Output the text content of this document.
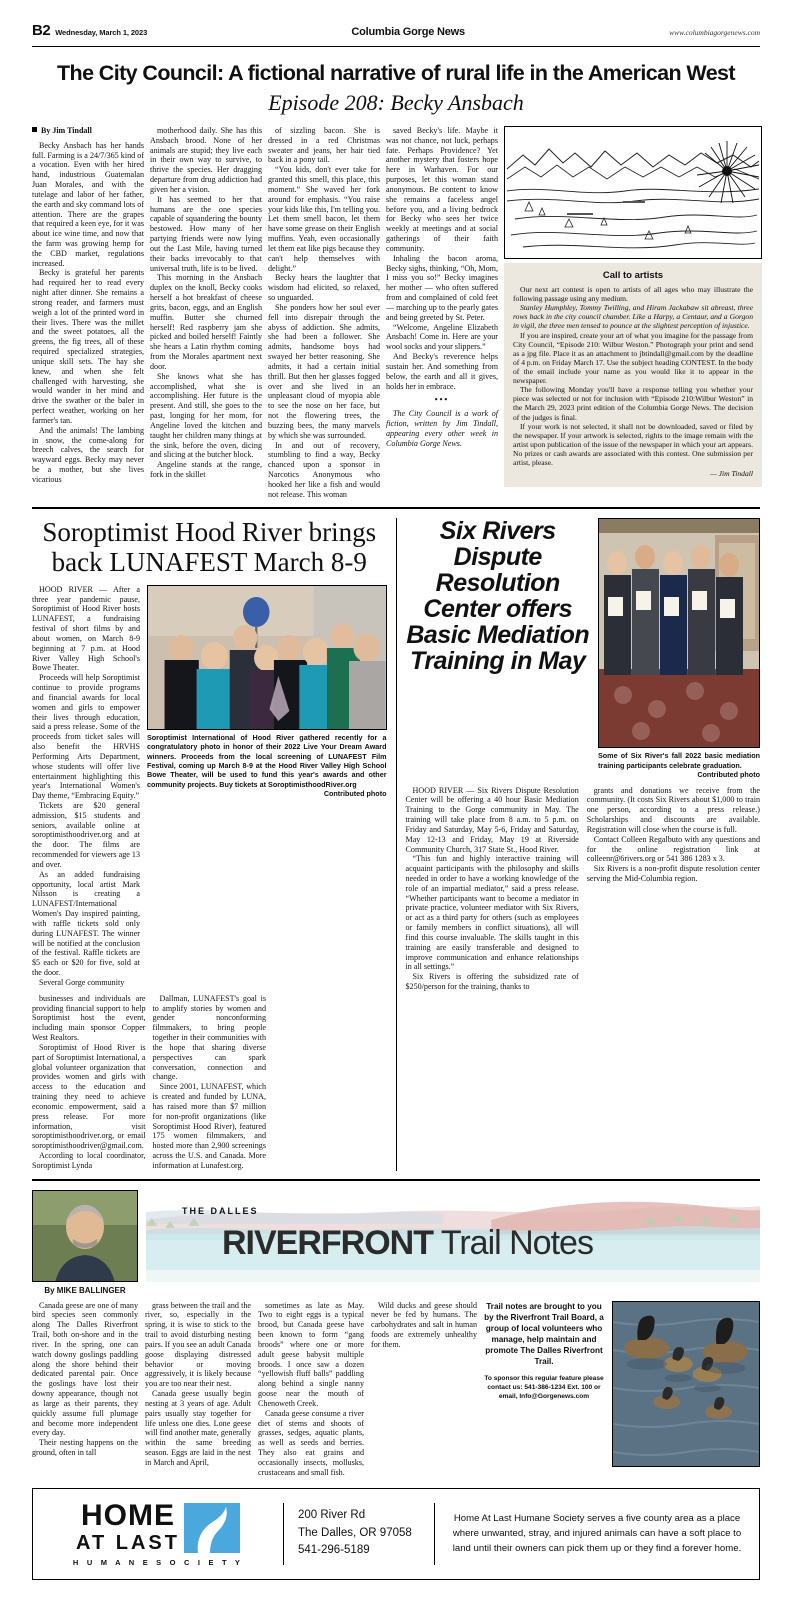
B2 Wednesday, March 1, 2023	Columbia Gorge News	www.columbiagorgenews.com
The City Council: A fictional narrative of rural life in the American West
Episode 208: Becky Ansbach
By Jim Tindall

Becky Ansbach has her hands full. Farming is a 24/7/365 kind of a vocation. Even with her hired hand, industrious Guatemalan Juan Morales, and with the tutelage and labor of her father, the earth and sky command lots of attention. There are the grapes that required a keen eye, for it was about ice wine time, and now that the farm was growing hemp for the CBD market, regulations increased.

Becky is grateful her parents had required her to read every night after dinner. She remains a strong reader, and farmers must weigh a lot of the printed word in their lives. There was the millet and the sweet potatoes, all the greens, the fig trees, all of these required specialized strategies, unique skill sets. The hay she knew, and when she felt challenged with harvesting, she would wander in her mind and drive the swather or the baler in perfect weather, working on her farmer's tan.

And the animals! The lambing in snow, the come-along for breech calves, the search for wayward eggs. Becky may never be a mother, but she lives vicarious

motherhood daily. She has this Ansbach brood. None of her animals are stupid; they live each in their own way to survive, to thrive the species. Her dragging departure from drug addiction had given her a vision.

It has seemed to her that humans are the one species capable of squandering the bounty bestowed. How many of her partying friends were now lying out the Last Mile, having turned their backs irrevocably to that universal truth, life is to be lived.

This morning in the Ansbach duplex on the knoll, Becky cooks herself a hot breakfast of cheese grits, bacon, eggs, and an English muffin. Butter she churned herself! Red raspberry jam she picked and boiled herself! Faintly she hears a Latin rhythm coming from the Morales apartment next door.

She knows what she has accomplished, what she is accomplishing. Her future is the present. And still, she goes to the past, longing for her mom, for Angeline loved the kitchen and taught her children many things at the sink, before the oven, dicing and slicing at the butcher block.

Angeline stands at the range, fork in the skillet

of sizzling bacon. She is dressed in a red Christmas sweater and jeans, her hair tied back in a pony tail.

“You kids, don't ever take for granted this smell, this place, this moment.” She waved her fork around for emphasis. “You raise your kids like this, I'm telling you. Let them smell bacon, let them have some grease on their English muffins. Yeah, even occasionally let them eat like pigs because they can't help themselves with delight.”

Becky hears the laughter that wisdom had elicited, so relaxed, so unguarded.

She ponders how her soul ever fell into disrepair through the abyss of addiction. She admits, she had been a follower. She admits, handsome boys had swayed her better reasoning. She admits, it had a certain initial thrill. But then her glasses fogged over and she lived in an unpleasant cloud of myopia able to see the nose on her face, but not the flowering trees, the buzzing bees, the many marvels by which she was surrounded.

In and out of recovery, stumbling to find a way, Becky chanced upon a sponsor in Narcotics Anonymous who hooked her like a fish and would not release. This woman

saved Becky's life. Maybe it was not chance, not luck, perhaps fate. Perhaps Providence? Yet another mystery that fosters hope here in Warhaven. For our purposes, let this woman stand anonymous. Be content to know she remains a faceless angel before you, and a living bedrock for Becky who sees her twice weekly at meetings and at social gatherings of their faith community.

Inhaling the bacon aroma, Becky sighs, thinking, “Oh, Mom, I miss you so!” Becky imagines her mother — who often suffered from and complained of cold feet — marching up to the pearly gates and being greeted by St. Peter.

“Welcome, Angeline Elizabeth Ansbach! Come in. Here are your wool socks and your slippers.”

And Becky's reverence helps sustain her. And something from below, the earth and all it gives, holds her in embrace.

•••

The City Council is a work of fiction, written by Jim Tindall, appearing every other week in Columbia Gorge News.

Call to artists

Our next art contest is open to artists of all ages who may illustrate the following passage using any medium.

Stanley Humphley, Tommy Twilling, and Hiram Jackabaw sit abreast, three rows back in the city council chamber. Like a Harpy, a Centaur, and a Gorgon in vigil, the three men tensed to pounce at the slightest perception of injustice.

If you are inspired, create your art of what you imagine for the passage from City Council, “Episode 210: Wilbur Weston.” Photograph your print and send as a jpg file. Place it as an attachment to jbtindall@gmail.com by the deadline of 4 p.m. on Friday March 17. Use the subject heading CONTEST. In the body of the email include your name as you would like it to appear in the newspaper.

The following Monday you'll have a response telling you whether your piece was selected or not for inclusion with “Episode 210:Wilbur Weston” in the March 29, 2023 print edition of the Columbia Gorge News. The decision of the judges is final.

If your work is not selected, it shall not be downloaded, saved or filed by the newspaper. If your artwork is selected, rights to the image remain with the artist upon publication of the issue of the newspaper in which your art appears. No prizes or cash awards are associated with this contest. One submission per artist, please.

— Jim Tindall

Soroptimist Hood River brings back LUNAFEST March 8-9

HOOD RIVER — After a three year pandemic pause, Soroptimist of Hood River hosts LUNAFEST, a fundraising festival of short films by and about women, on March 8-9 beginning at 7 p.m. at Hood River Valley High School's Bowe Theater.

Proceeds will help Soroptimist continue to provide programs and financial awards for local women and girls to empower their lives through education, said a press release. Some of the proceeds from ticket sales will also benefit the HRVHS Performing Arts Department, whose students will offer live entertainment highlighting this year's International Women's Day theme, “Embracing Equity.”

Tickets are $20 general admission, $15 students and seniors, available online at soroptimisthoodriver.org and at the door. The films are recommended for viewers age 13 and over.

As an added fundraising opportunity, local artist Mark Nilsson is creating a LUNAFEST/International Women's Day inspired painting, with raffle tickets sold only during LUNAFEST. The winner will be notified at the conclusion of the festival. Raffle tickets are $5 each or $20 for five, sold at the door.

Several Gorge community

Soroptimist International of Hood River gathered recently for a congratulatory photo in honor of their 2022 Live Your Dream Award winners. Proceeds from the local screening of LUNAFEST Film Festival, coming up March 8-9 at the Hood River Valley High School Bowe Theater, will be used to fund this year's awards and other community projects. Buy tickets at SoroptimisthoodRiver.org
Contributed photo

businesses and individuals are providing financial support to help Soroptimist host the event, including main sponsor Copper West Realtors.

Soroptimist of Hood River is part of Soroptimist International, a global volunteer organization that provides women and girls with access to the education and training they need to achieve economic empowerment, said a press release. For more information, visit soroptimisthoodriver.org, or email soroptimisthoodriver@gmail.com.

According to local coordinator, Soroptimist Lynda

Dallman, LUNAFEST's goal is to amplify stories by women and gender nonconforming filmmakers, to bring people together in their communities with the hope that sharing diverse perspectives can spark conversation, connection and change.

Since 2001, LUNAFEST, which is created and funded by LUNA, has raised more than $7 million for non-profit organizations (like Soroptimist Hood River), featured 175 women filmmakers, and hosted more than 2,900 screenings across the U.S. and Canada. More information at Lunafest.org.

Six Rivers Dispute Resolution Center offers Basic Mediation Training in May
Some of Six River's fall 2022 basic mediation training participants celebrate graduation.
Contributed photo

HOOD RIVER — Six Rivers Dispute Resolution Center will be offering a 40 hour Basic Mediation Training to the Gorge community in May. The training will take place from 8 a.m. to 5 p.m. on Friday and Saturday, May 5-6, Friday and Saturday, May 12-13 and Friday, May 19 at Riverside Community Church, 317 State St., Hood River.

“This fun and highly interactive training will acquaint participants with the philosophy and skills needed in order to have a working knowledge of the role of an impartial mediator,” said a press release. “Whether participants want to become a mediator in private practice, volunteer mediator with Six Rivers, or act as a third party for others (such as employees or family members in conflict situations), all will find this course invaluable. The skills taught in this training are easily transferable and designed to improve communication and enhance relationships in all settings.”

Six Rivers is offering the subsidized rate of $250/person for the training, thanks to

grants and donations we receive from the community. (It costs Six Rivers about $1,000 to train one person, according to a press release.) Scholarships and discounts are available. Registration will close when the course is full.

Contact Colleen Regalbuto with any questions and for the online registration link at colleenr@6rivers.org or 541 386 1283 x 3.

Six Rivers is a non-profit dispute resolution center serving the Mid-Columbia region.

By MIKE BALLINGER
THE DALLES
RIVERFRONT Trail Notes

Canada geese are one of many bird species seen commonly along The Dalles Riverfront Trail, both on-shore and in the river. In the spring, one can watch downy goslings paddling along the shore behind their dedicated parental pair. Once the goslings have lost their downy appearance, though not as large as their parents, they quickly assume full plumage and become more independent every day.

Their nesting happens on the ground, often in tall

grass between the trail and the river, so, especially in the spring, it is wise to stick to the trail to avoid disturbing nesting pairs. If you see an adult Canada goose displaying distressed behavior or moving aggressively, it is likely because you are too near their nest.

Canada geese usually begin nesting at 3 years of age. Adult pairs usually stay together for life unless one dies. Lone geese will find another mate, generally within the same breeding season. Eggs are laid in the nest in March and April,

sometimes as late as May. Two to eight eggs is a typical brood, but Canada geese have been known to form “gang broods” where one or more adult geese babysit multiple broods. I once saw a dozen “yellowish fluff balls” paddling along behind a single nanny goose near the mouth of Chenoweth Creek.

Canada geese consume a river diet of stems and shoots of grasses, sedges, aquatic plants, as well as seeds and berries. They also eat grains and occasionally insects, mollusks, crustaceans and small fish.

Wild ducks and geese should never be fed by humans. The carbohydrates and salt in human foods are extremely unhealthy for them.

Trail notes are brought to you by the Riverfront Trail Board, a group of local volunteers who manage, help maintain and promote The Dalles Riverfront Trail.
To sponsor this regular feature please contact us: 541-386-1234 Ext. 100 or email, Info@Gorgenews.com
HOME
AT LAST
H U M A N E S O C I E T Y
200 River Rd
The Dalles, OR 97058
541-296-5189
Home At Last Humane Society serves a five county area as a place where unwanted, stray, and injured animals can have a soft place to land until their owners can pick them up or they find a forever home.
